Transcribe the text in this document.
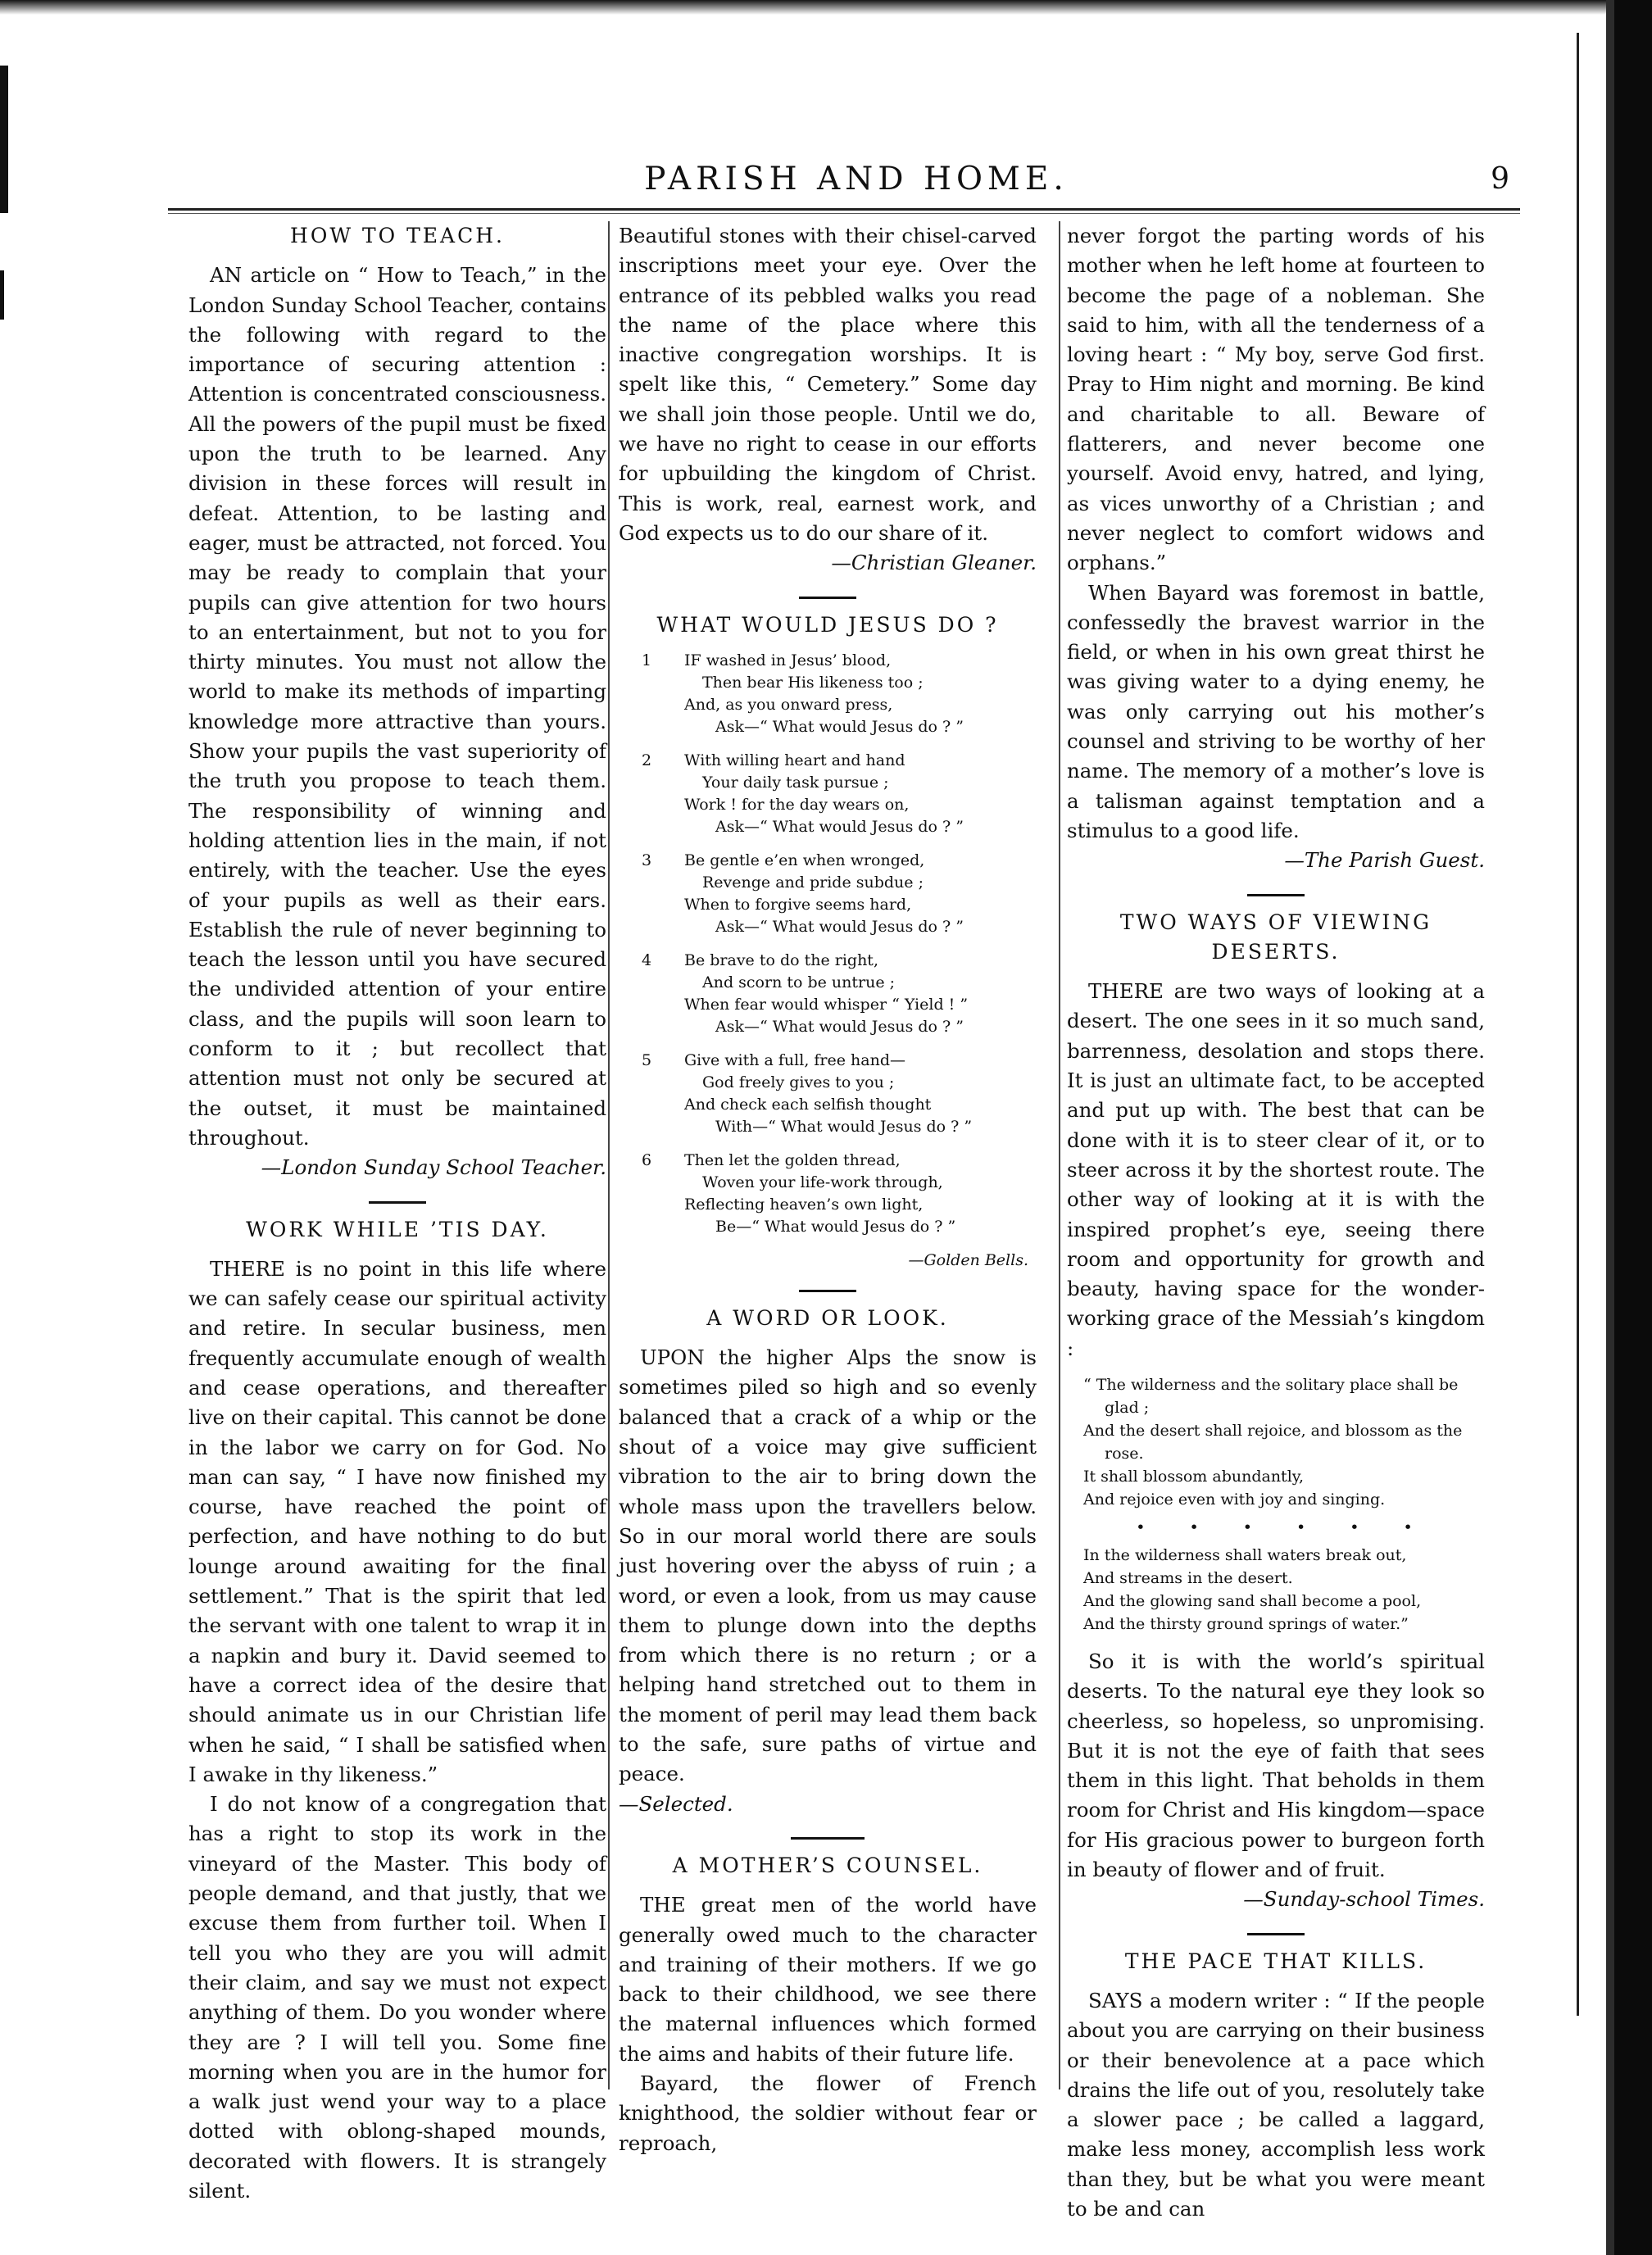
PARISH AND HOME.	9
HOW TO TEACH.

AN article on “ How to Teach,” in the London Sunday School Teacher, contains the following with regard to the importance of securing attention : Attention is concentrated consciousness. All the powers of the pupil must be fixed upon the truth to be learned. Any division in these forces will result in defeat. Attention, to be lasting and eager, must be attracted, not forced. You may be ready to complain that your pupils can give attention for two hours to an entertainment, but not to you for thirty minutes. You must not allow the world to make its methods of imparting knowledge more attractive than yours. Show your pupils the vast superiority of the truth you propose to teach them. The responsibility of winning and holding attention lies in the main, if not entirely, with the teacher. Use the eyes of your pupils as well as their ears. Establish the rule of never beginning to teach the lesson until you have secured the undivided attention of your entire class, and the pupils will soon learn to conform to it ; but recollect that attention must not only be secured at the outset, it must be maintained throughout.

—London Sunday School Teacher.

WORK WHILE ’TIS DAY.

THERE is no point in this life where we can safely cease our spiritual activity and retire. In secular business, men frequently accumulate enough of wealth and cease operations, and thereafter live on their capital. This cannot be done in the labor we carry on for God. No man can say, “ I have now finished my course, have reached the point of perfection, and have nothing to do but lounge around awaiting for the final settlement.” That is the spirit that led the servant with one talent to wrap it in a napkin and bury it. David seemed to have a correct idea of the desire that should animate us in our Christian life when he said, “ I shall be satisfied when I awake in thy likeness.”

I do not know of a congregation that has a right to stop its work in the vineyard of the Master. This body of people demand, and that justly, that we excuse them from further toil. When I tell you who they are you will admit their claim, and say we must not expect anything of them. Do you wonder where they are ? I will tell you. Some fine morning when you are in the humor for a walk just wend your way to a place dotted with oblong-shaped mounds, decorated with flowers. It is strangely silent.

Beautiful stones with their chisel-carved inscriptions meet your eye. Over the entrance of its pebbled walks you read the name of the place where this inactive congregation worships. It is spelt like this, “ Cemetery.” Some day we shall join those people. Until we do, we have no right to cease in our efforts for upbuilding the kingdom of Christ. This is work, real, earnest work, and God expects us to do our share of it.

—Christian Gleaner.

WHAT WOULD JESUS DO ?
1 IF washed in Jesus’ blood,
Then bear His likeness too ;
And, as you onward press,
Ask—“ What would Jesus do ? ”
2 With willing heart and hand
Your daily task pursue ;
Work ! for the day wears on,
Ask—“ What would Jesus do ? ”
3 Be gentle e’en when wronged,
Revenge and pride subdue ;
When to forgive seems hard,
Ask—“ What would Jesus do ? ”
4 Be brave to do the right,
And scorn to be untrue ;
When fear would whisper “ Yield ! ”
Ask—“ What would Jesus do ? ”
5 Give with a full, free hand—
God freely gives to you ;
And check each selfish thought
With—“ What would Jesus do ? ”
6 Then let the golden thread,
Woven your life-work through,
Reflecting heaven’s own light,
Be—“ What would Jesus do ? ”
—Golden Bells.
A WORD OR LOOK.

UPON the higher Alps the snow is sometimes piled so high and so evenly balanced that a crack of a whip or the shout of a voice may give sufficient vibration to the air to bring down the whole mass upon the travellers below. So in our moral world there are souls just hovering over the abyss of ruin ; a word, or even a look, from us may cause them to plunge down into the depths from which there is no return ; or a helping hand stretched out to them in the moment of peril may lead them back to the safe, sure paths of virtue and peace.

—Selected.

A MOTHER’S COUNSEL.

THE great men of the world have generally owed much to the character and training of their mothers. If we go back to their childhood, we see there the maternal influences which formed the aims and habits of their future life.

Bayard, the flower of French knighthood, the soldier without fear or reproach,

never forgot the parting words of his mother when he left home at fourteen to become the page of a nobleman. She said to him, with all the tenderness of a loving heart : “ My boy, serve God first. Pray to Him night and morning. Be kind and charitable to all. Beware of flatterers, and never become one yourself. Avoid envy, hatred, and lying, as vices unworthy of a Christian ; and never neglect to comfort widows and orphans.”

When Bayard was foremost in battle, confessedly the bravest warrior in the field, or when in his own great thirst he was giving water to a dying enemy, he was only carrying out his mother’s counsel and striving to be worthy of her name. The memory of a mother’s love is a talisman against temptation and a stimulus to a good life.

—The Parish Guest.

TWO WAYS OF VIEWING DESERTS.

THERE are two ways of looking at a desert. The one sees in it so much sand, barrenness, desolation and stops there. It is just an ultimate fact, to be accepted and put up with. The best that can be done with it is to steer clear of it, or to steer across it by the shortest route. The other way of looking at it is with the inspired prophet’s eye, seeing there room and opportunity for growth and beauty, having space for the wonder-working grace of the Messiah’s kingdom :

“ The wilderness and the solitary place shall be
glad ;
And the desert shall rejoice, and blossom as the
rose.
It shall blossom abundantly,
And rejoice even with joy and singing.
• • • • • •
In the wilderness shall waters break out,
And streams in the desert.
And the glowing sand shall become a pool,
And the thirsty ground springs of water.”

So it is with the world’s spiritual deserts. To the natural eye they look so cheerless, so hopeless, so unpromising. But it is not the eye of faith that sees them in this light. That beholds in them room for Christ and His kingdom—space for His gracious power to burgeon forth in beauty of flower and of fruit.

—Sunday-school Times.

THE PACE THAT KILLS.

SAYS a modern writer : “ If the people about you are carrying on their business or their benevolence at a pace which drains the life out of you, resolutely take a slower pace ; be called a laggard, make less money, accomplish less work than they, but be what you were meant to be and can
